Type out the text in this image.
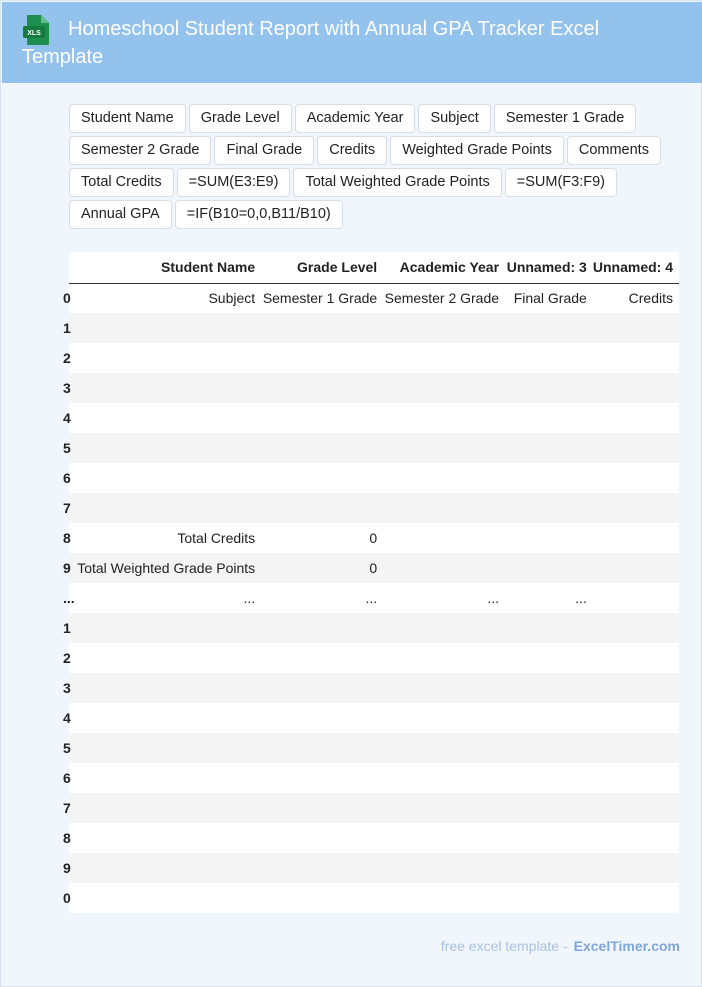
XLS	Homeschool Student Report with Annual GPA Tracker Excel Template
Student Name	Grade Level	Academic Year	Subject	Semester 1 Grade
Semester 2 Grade	Final Grade	Credits	Weighted Grade Points	Comments
Total Credits	=SUM(E3:E9)	Total Weighted Grade Points	=SUM(F3:F9)
Annual GPA	=IF(B10=0,0,B11/B10)
	Student Name	Grade Level	Academic Year	Unnamed: 3	Unnamed: 4
0	Subject	Semester 1 Grade	Semester 2 Grade	Final Grade	Credits
1					
2					
3					
4					
5					
6					
7					
8	Total Credits	0			
9	Total Weighted Grade Points	0			
...	...	...	...	...	
1					
2					
3					
4					
5					
6					
7					
8					
9					
0					
free excel template - ExcelTimer.com
